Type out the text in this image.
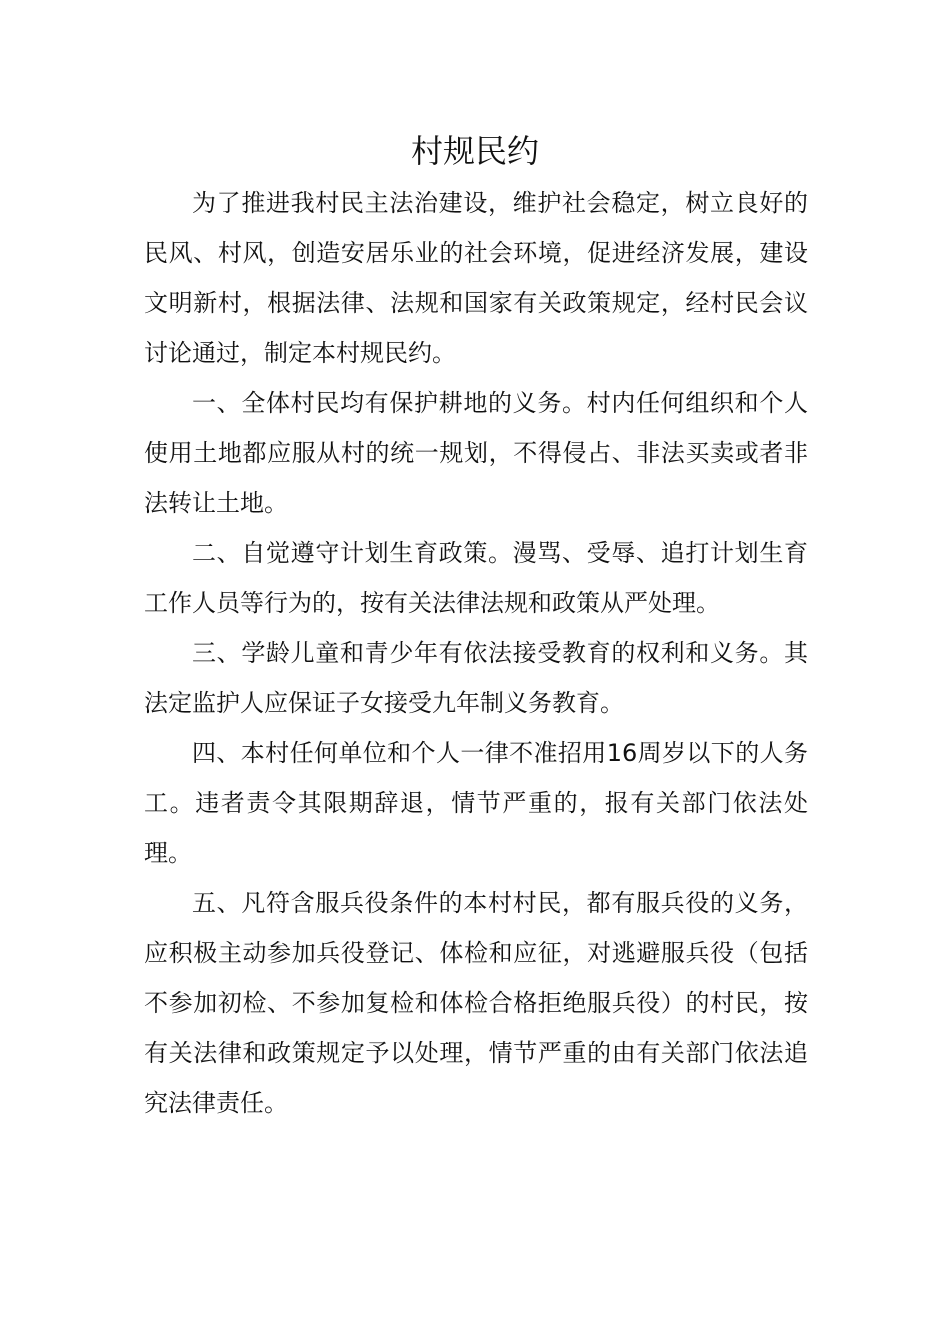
村规民约

为了推进我村民主法治建设，维护社会稳定，树立良好的民风、村风，创造安居乐业的社会环境，促进经济发展，建设文明新村，根据法律、法规和国家有关政策规定，经村民会议讨论通过，制定本村规民约。

一、全体村民均有保护耕地的义务。村内任何组织和个人使用土地都应服从村的统一规划，不得侵占、非法买卖或者非法转让土地。

二、自觉遵守计划生育政策。漫骂、受辱、追打计划生育工作人员等行为的，按有关法律法规和政策从严处理。

三、学龄儿童和青少年有依法接受教育的权利和义务。其法定监护人应保证子女接受九年制义务教育。

四、本村任何单位和个人一律不准招用16周岁以下的人务工。违者责令其限期辞退，情节严重的，报有关部门依法处理。

五、凡符含服兵役条件的本村村民，都有服兵役的义务，应积极主动参加兵役登记、体检和应征，对逃避服兵役（包括不参加初检、不参加复检和体检合格拒绝服兵役）的村民，按有关法律和政策规定予以处理，情节严重的由有关部门依法追究法律责任。
